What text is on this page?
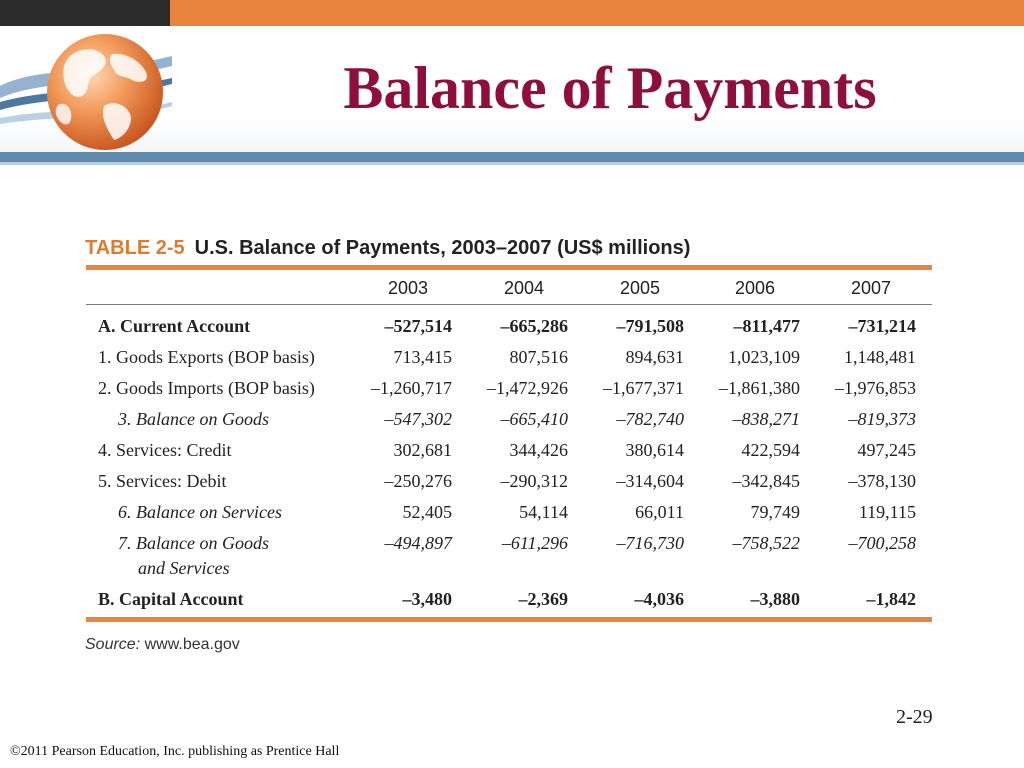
Balance of Payments
TABLE 2-5 U.S. Balance of Payments, 2003–2007 (US$ millions)
2003	2004	2005	2006	2007
A. Current Account	–527,514	–665,286	–791,508	–811,477	–731,214
1. Goods Exports (BOP basis)	713,415	807,516	894,631	1,023,109	1,148,481
2. Goods Imports (BOP basis)	–1,260,717	–1,472,926	–1,677,371	–1,861,380	–1,976,853
3. Balance on Goods	–547,302	–665,410	–782,740	–838,271	–819,373
4. Services: Credit	302,681	344,426	380,614	422,594	497,245
5. Services: Debit	–250,276	–290,312	–314,604	–342,845	–378,130
6. Balance on Services	52,405	54,114	66,011	79,749	119,115
7. Balance on Goods	–494,897	–611,296	–716,730	–758,522	–700,258
and Services
B. Capital Account	–3,480	–2,369	–4,036	–3,880	–1,842
Source: www.bea.gov
2-29
©2011 Pearson Education, Inc. publishing as Prentice Hall
